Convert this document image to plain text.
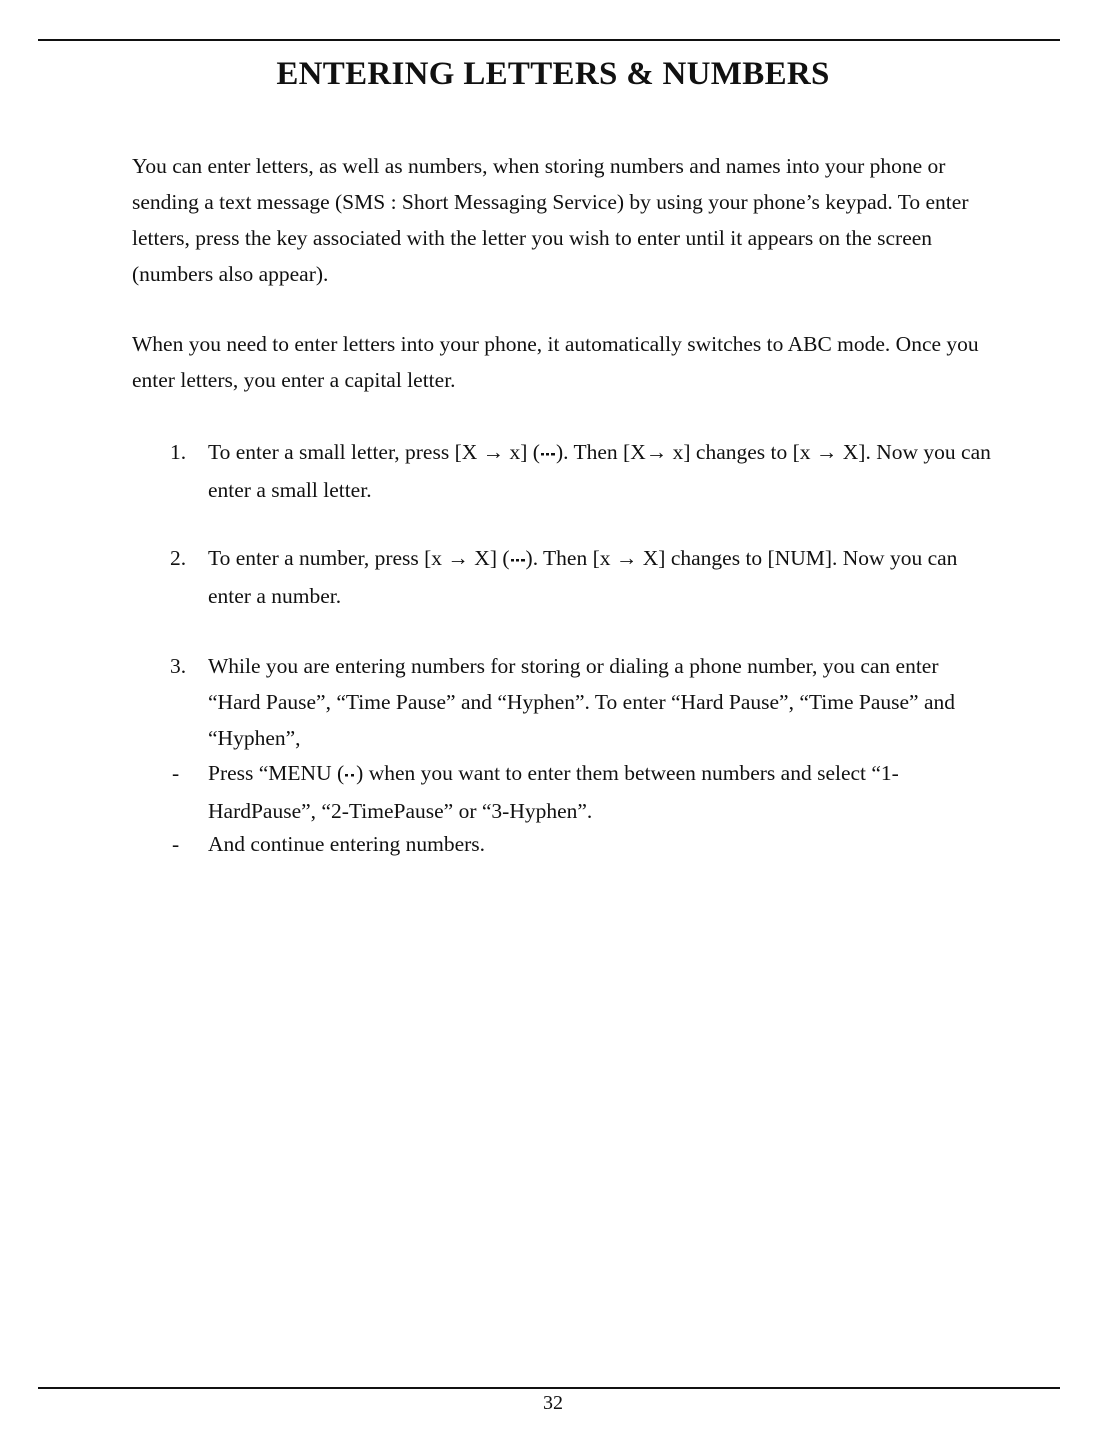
ENTERING LETTERS & NUMBERS

You can enter letters, as well as numbers, when storing numbers and names into your phone or sending a text message (SMS : Short Messaging Service) by using your phone’s keypad. To enter letters, press the key associated with the letter you wish to enter until it appears on the screen (numbers also appear).

When you need to enter letters into your phone, it automatically switches to ABC mode. Once you enter letters, you enter a capital letter.

1.	To enter a small letter, press [X → x] ( ). Then [X→ x] changes to [x → X]. Now you can enter a small letter.
2.	To enter a number, press [x → X] ( ). Then [x → X] changes to [NUM]. Now you can enter a number.
3.	While you are entering numbers for storing or dialing a phone number, you can enter “Hard Pause”, “Time Pause” and “Hyphen”. To enter “Hard Pause”, “Time Pause” and “Hyphen”,
-	Press “MENU ( ) when you want to enter them between numbers and select “1-HardPause”, “2-TimePause” or “3-Hyphen”.
-	And continue entering numbers.
32
